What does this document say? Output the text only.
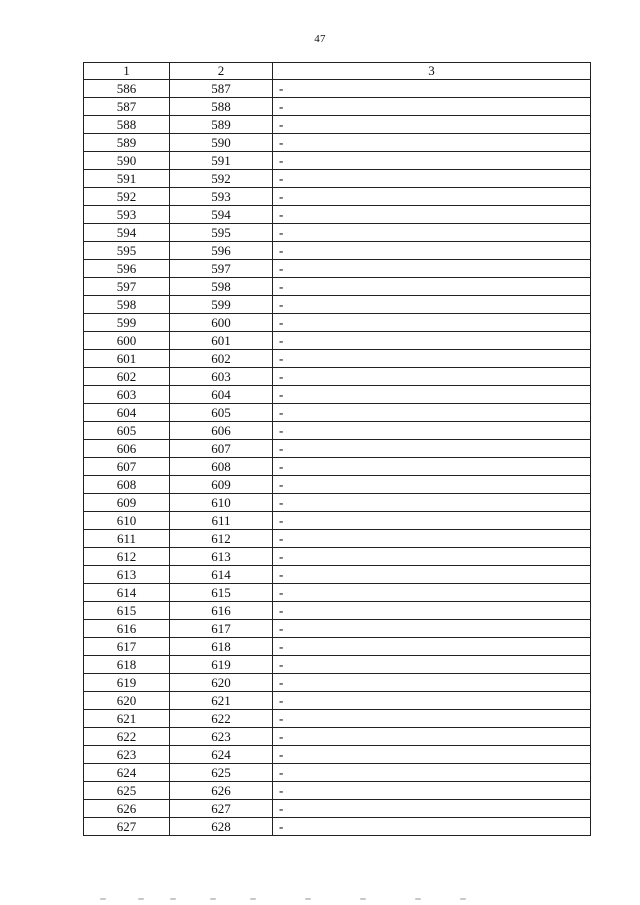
47
1	2	3
586	587	-
587	588	-
588	589	-
589	590	-
590	591	-
591	592	-
592	593	-
593	594	-
594	595	-
595	596	-
596	597	-
597	598	-
598	599	-
599	600	-
600	601	-
601	602	-
602	603	-
603	604	-
604	605	-
605	606	-
606	607	-
607	608	-
608	609	-
609	610	-
610	611	-
611	612	-
612	613	-
613	614	-
614	615	-
615	616	-
616	617	-
617	618	-
618	619	-
619	620	-
620	621	-
621	622	-
622	623	-
623	624	-
624	625	-
625	626	-
626	627	-
627	628	-
